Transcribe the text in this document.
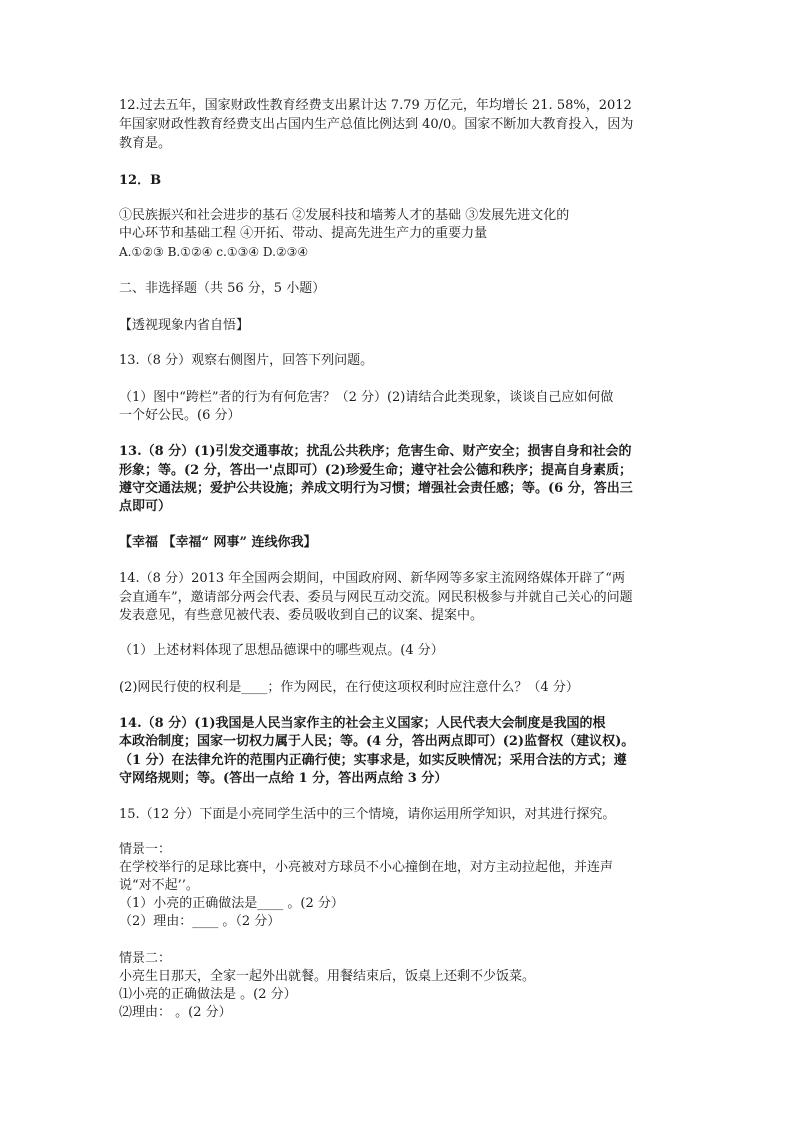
12.过去五年，国家财政性教育经费支出累计达 7.79 万亿元，年均增长 21. 58%，2012
年国家财政性教育经费支出占国内生产总值比例达到 40/0。国家不断加大教育投入，因为
教育是。
12．B
①民族振兴和社会进步的基石 ②发展科技和墙莠人才的基础 ③发展先进文化的
中心环节和基础工程 ④开拓、带动、提高先进生产力的重要力量
A.①②③ B.①②④ c.①③④ D.②③④
二、非选择题（共 56 分，5 小题）
【透视现象内省自悟】
13.（8 分）观察右侧图片，回答下列问题。
（1）图中“跨栏”者的行为有何危害？（2 分）(2)请结合此类现象，谈谈自己应如何做
一个好公民。(6 分）
13.（8 分）(1)引发交通事故；扰乱公共秩序；危害生命、财产安全；损害自身和社会的
形象；等。(2 分，答出一'点即可）(2)珍爱生命；遵守社会公德和秩序；提高自身素质；
遵守交通法规；爱护公共设施；养成文明行为习惯；增强社会责任感；等。(6 分，答出三
点即可）
【幸福 【幸福“ 网事” 连线你我】
14.（8 分）2013 年全国两会期间，中国政府网、新华网等多家主流网络媒体开辟了“两
会直通车”，邀请部分两会代表、委员与网民互动交流。网民积极参与并就自己关心的问题
发表意见，有些意见被代表、委员吸收到自己的议案、提案中。
（1）上述材料体现了思想品德课中的哪些观点。(4 分）
(2)网民行使的权利是____；作为网民，在行使这项权利时应注意什么？（4 分）
14.（8 分）(1)我国是人民当家作主的社会主义国家；人民代表大会制度是我国的根
本政治制度；国家一切权力属于人民；等。(4 分，答出两点即可）(2)监督权（建议权)。
（1 分）在法律允许的范围内正确行使；实事求是，如实反映情况；采用合法的方式；遵
守网络规则；等。(答出一点给 1 分，答出两点给 3 分）
15.（12 分）下面是小亮同学生活中的三个情境，请你运用所学知识，对其进行探究。
情景一：
在学校举行的足球比赛中，小亮被对方球员不小心撞倒在地，对方主动拉起他，并连声
说“对不起’’。
（1）小亮的正确做法是____ 。(2 分）
（2）理由：____ 。（2 分）
情景二：
小亮生日那天，全家一起外出就餐。用餐结束后，饭桌上还剩不少饭菜。
⑴小亮的正确做法是 。(2 分）
⑵理由： 。(2 分）
